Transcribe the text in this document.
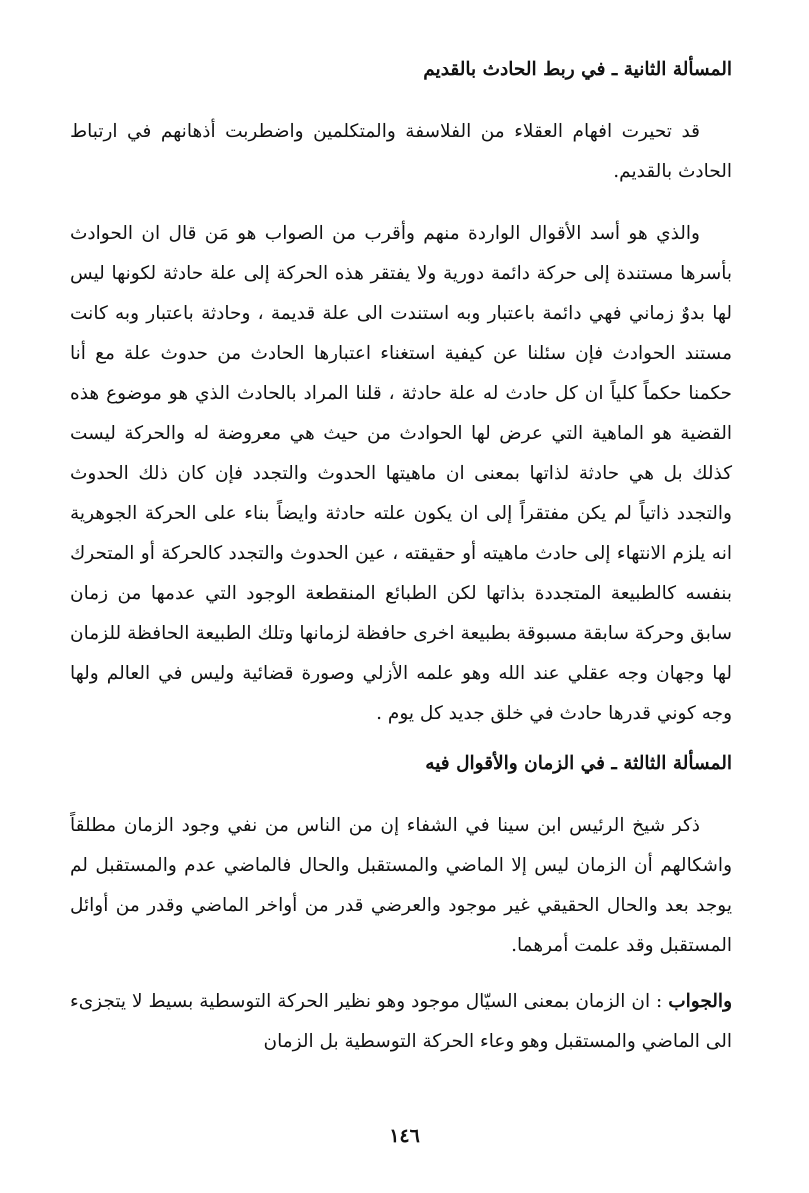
المسألة الثانية ـ في ربط الحادث بالقديم

قد تحيرت افهام العقلاء من الفلاسفة والمتكلمين واضطربت أذهانهم في ارتباط الحادث بالقديم.

والذي هو أسد الأقوال الواردة منهم وأقرب من الصواب هو مَن قال ان الحوادث بأسرها مستندة إلى حركة دائمة دورية ولا يفتقر هذه الحركة إلى علة حادثة لكونها ليس لها بدوٌ زماني فهي دائمة باعتبار وبه استندت الى علة قديمة ، وحادثة باعتبار وبه كانت مستند الحوادث فإن سئلنا عن كيفية استغناء اعتبارها الحادث من حدوث علة مع أنا حكمنا حكماً كلياً ان كل حادث له علة حادثة ، قلنا المراد بالحادث الذي هو موضوع هذه القضية هو الماهية التي عرض لها الحوادث من حيث هي معروضة له والحركة ليست كذلك بل هي حادثة لذاتها بمعنى ان ماهيتها الحدوث والتجدد فإن كان ذلك الحدوث والتجدد ذاتياً لم يكن مفتقراً إلى ان يكون علته حادثة وايضاً بناء على الحركة الجوهرية انه يلزم الانتهاء إلى حادث ماهيته أو حقيقته ، عين الحدوث والتجدد كالحركة أو المتحرك بنفسه كالطبيعة المتجددة بذاتها لكن الطبائع المنقطعة الوجود التي عدمها من زمان سابق وحركة سابقة مسبوقة بطبيعة اخرى حافظة لزمانها وتلك الطبيعة الحافظة للزمان لها وجهان وجه عقلي عند الله وهو علمه الأزلي وصورة قضائية وليس في العالم ولها وجه كوني قدرها حادث في خلق جديد كل يوم .

المسألة الثالثة ـ في الزمان والأقوال فيه

ذكر شيخ الرئيس ابن سينا في الشفاء إن من الناس من نفي وجود الزمان مطلقاً واشكالهم أن الزمان ليس إلا الماضي والمستقبل والحال فالماضي عدم والمستقبل لم يوجد بعد والحال الحقيقي غير موجود والعرضي قدر من أواخر الماضي وقدر من أوائل المستقبل وقد علمت أمرهما.

والجواب : ان الزمان بمعنى السيّال موجود وهو نظير الحركة التوسطية بسيط لا يتجزىء الى الماضي والمستقبل وهو وعاء الحركة التوسطية بل الزمان

١٤٦
